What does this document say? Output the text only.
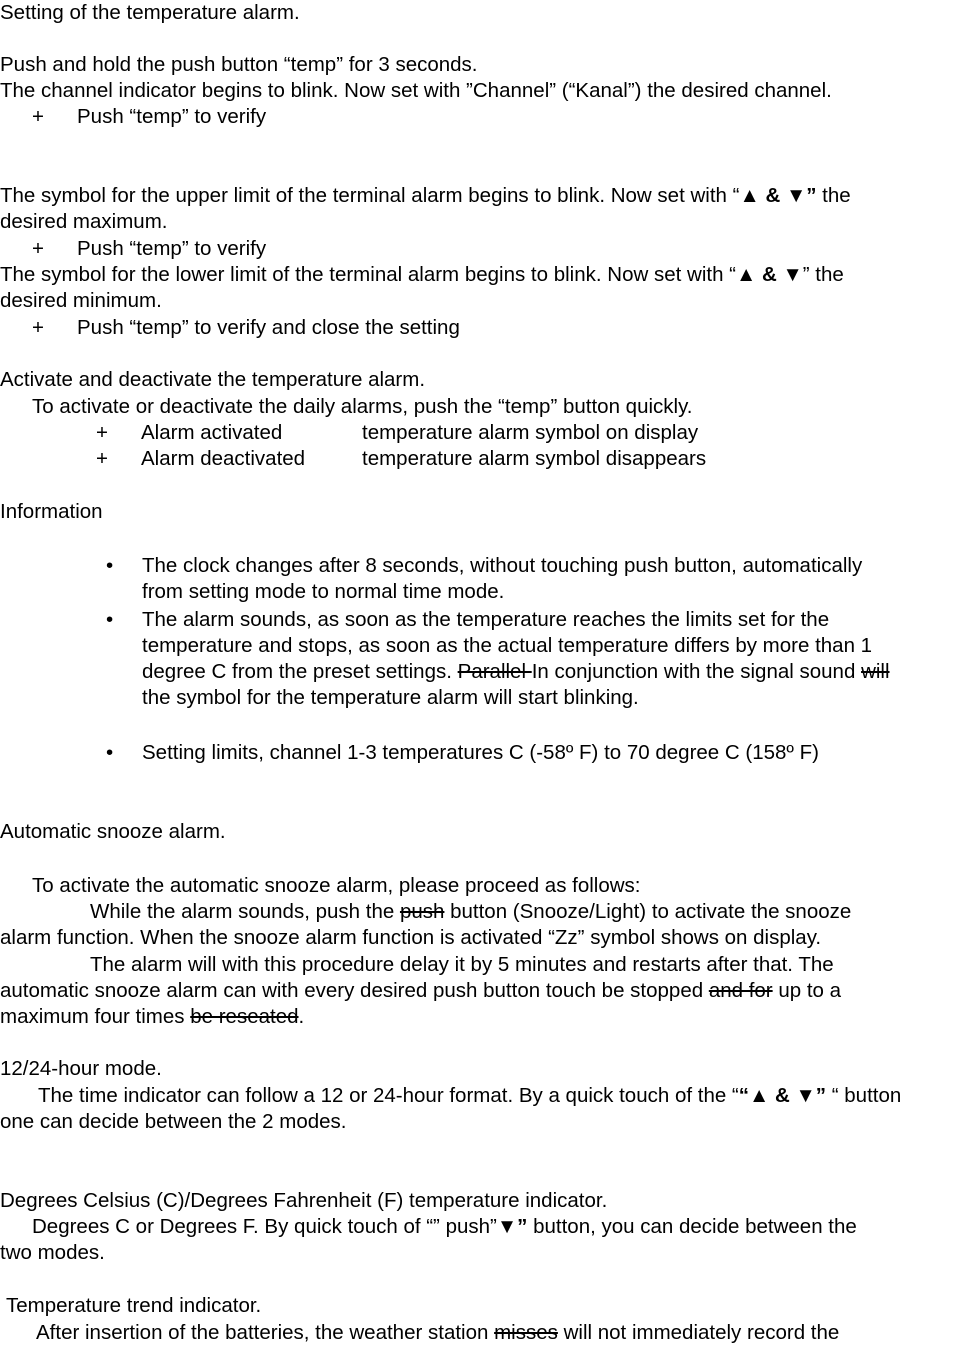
Setting of the temperature alarm.
Push and hold the push button “temp” for 3 seconds.
The channel indicator begins to blink. Now set with ”Channel” (“Kanal”) the desired channel.
+ Push “temp” to verify
The symbol for the upper limit of the terminal alarm begins to blink. Now set with “▲ & ▼” the
desired maximum.
+ Push “temp” to verify
The symbol for the lower limit of the terminal alarm begins to blink. Now set with “▲ & ▼” the
desired minimum.
+ Push “temp” to verify and close the setting
Activate and deactivate the temperature alarm.
To activate or deactivate the daily alarms, push the “temp” button quickly.
+ Alarm activated	temperature alarm symbol on display
+ Alarm deactivated	temperature alarm symbol disappears
Information
• The clock changes after 8 seconds, without touching push button, automatically
from setting mode to normal time mode.
• The alarm sounds, as soon as the temperature reaches the limits set for the
temperature and stops, as soon as the actual temperature differs by more than 1
degree C from the preset settings. Parallel In conjunction with the signal sound will
the symbol for the temperature alarm will start blinking.
• Setting limits, channel 1-3 temperatures C (-58º F) to 70 degree C (158º F)
Automatic snooze alarm.
To activate the automatic snooze alarm, please proceed as follows:
While the alarm sounds, push the push button (Snooze/Light) to activate the snooze
alarm function. When the snooze alarm function is activated “Zz” symbol shows on display.
The alarm will with this procedure delay it by 5 minutes and restarts after that. The
automatic snooze alarm can with every desired push button touch be stopped and for up to a
maximum four times be reseated.
12/24-hour mode.
The time indicator can follow a 12 or 24-hour format. By a quick touch of the ““▲ & ▼” “ button
one can decide between the 2 modes.
Degrees Celsius (C)/Degrees Fahrenheit (F) temperature indicator.
Degrees C or Degrees F. By quick touch of “” push”▼” button, you can decide between the
two modes.
Temperature trend indicator.
After insertion of the batteries, the weather station misses will not immediately record the
